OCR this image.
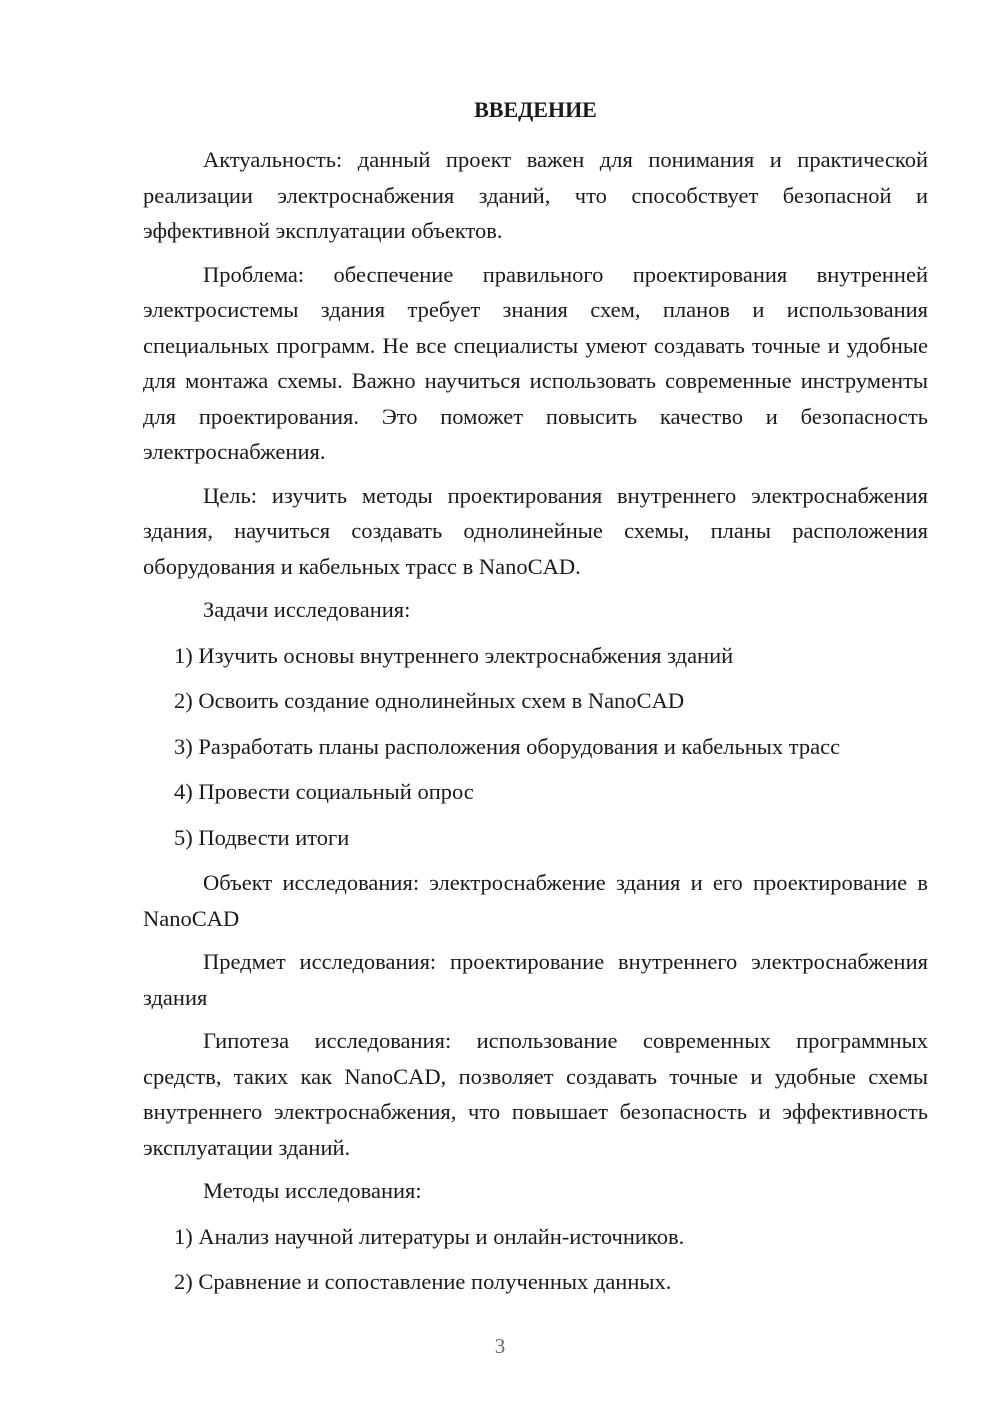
ВВЕДЕНИЕ

Актуальность: данный проект важен для понимания и практической реализации электроснабжения зданий, что способствует безопасной и эффективной эксплуатации объектов.

Проблема: обеспечение правильного проектирования внутренней электросистемы здания требует знания схем, планов и использования специальных программ. Не все специалисты умеют создавать точные и удобные для монтажа схемы. Важно научиться использовать современные инструменты для проектирования. Это поможет повысить качество и безопасность электроснабжения.

Цель: изучить методы проектирования внутреннего электроснабжения здания, научиться создавать однолинейные схемы, планы расположения оборудования и кабельных трасс в NanoCAD.

Задачи исследования:

1) Изучить основы внутреннего электроснабжения зданий

2) Освоить создание однолинейных схем в NanoCAD

3) Разработать планы расположения оборудования и кабельных трасс

4) Провести социальный опрос

5) Подвести итоги

Объект исследования: электроснабжение здания и его проектирование в NanoCAD

Предмет исследования: проектирование внутреннего электроснабжения здания

Гипотеза исследования: использование современных программных средств, таких как NanoCAD, позволяет создавать точные и удобные схемы внутреннего электроснабжения, что повышает безопасность и эффективность эксплуатации зданий.

Методы исследования:

1) Анализ научной литературы и онлайн-источников.

2) Сравнение и сопоставление полученных данных.

3
